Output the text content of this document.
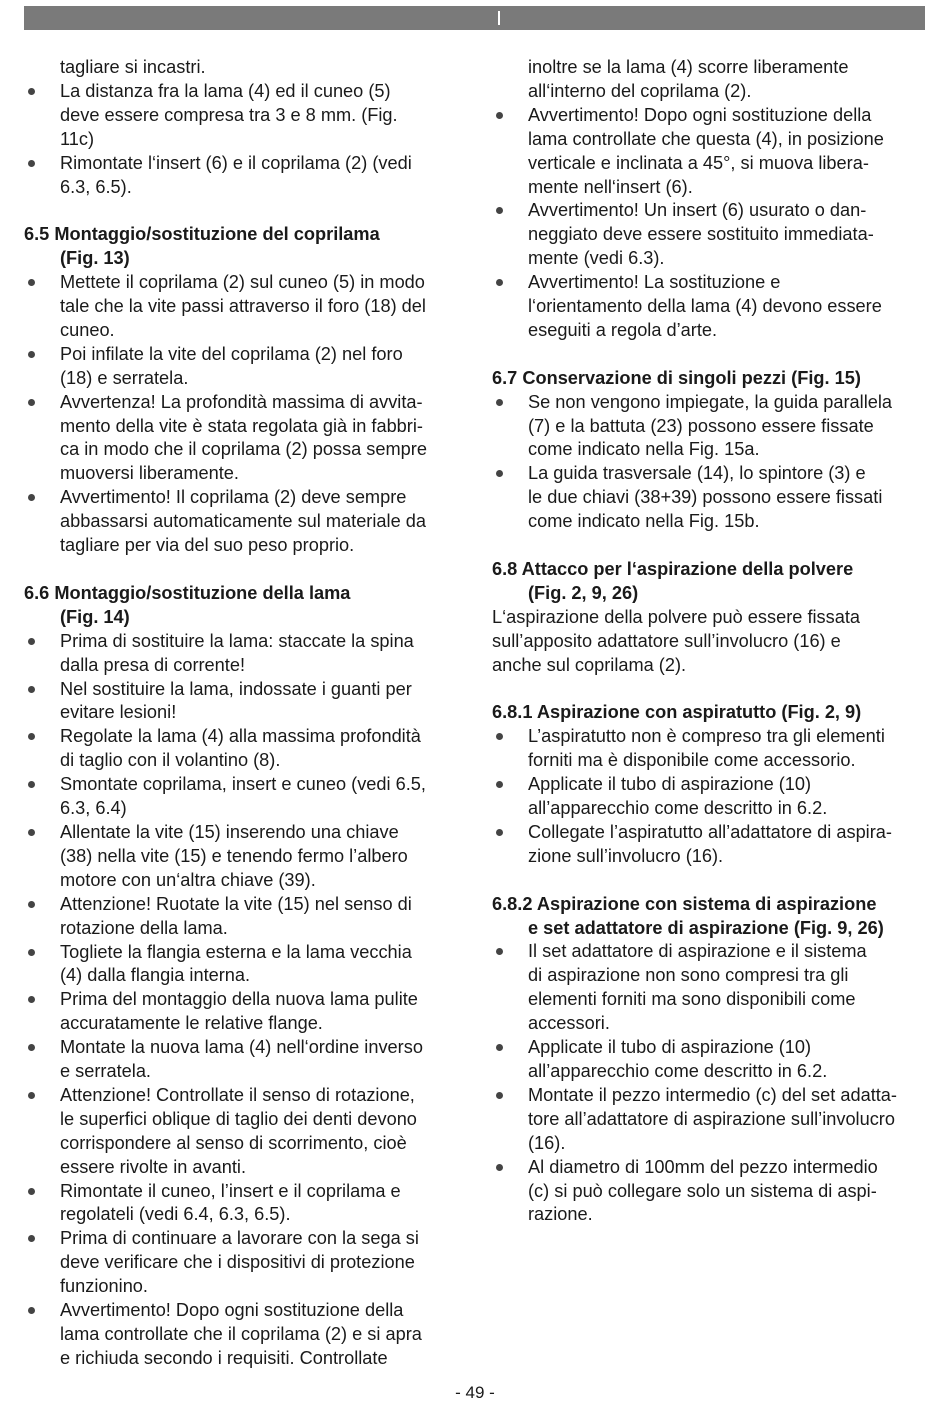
tagliare si incastri.

La distanza fra la lama (4) ed il cuneo (5)

deve essere compresa tra 3 e 8 mm. (Fig.

11c)

Rimontate l‘insert (6) e il coprilama (2) (vedi

6.3, 6.5).

6.5 Montaggio/sostituzione del coprilama

(Fig. 13)

Mettete il coprilama (2) sul cuneo (5) in modo

tale che la vite passi attraverso il foro (18) del

cuneo.

Poi infilate la vite del coprilama (2) nel foro

(18) e serratela.

Avvertenza! La profondità massima di avvita-

mento della vite è stata regolata già in fabbri-

ca in modo che il coprilama (2) possa sempre

muoversi liberamente.

Avvertimento! Il coprilama (2) deve sempre

abbassarsi automaticamente sul materiale da

tagliare per via del suo peso proprio.

6.6 Montaggio/sostituzione della lama

(Fig. 14)

Prima di sostituire la lama: staccate la spina

dalla presa di corrente!

Nel sostituire la lama, indossate i guanti per

evitare lesioni!

Regolate la lama (4) alla massima profondità

di taglio con il volantino (8).

Smontate coprilama, insert e cuneo (vedi 6.5,

6.3, 6.4)

Allentate la vite (15) inserendo una chiave

(38) nella vite (15) e tenendo fermo l’albero

motore con un‘altra chiave (39).

Attenzione! Ruotate la vite (15) nel senso di

rotazione della lama.

Togliete la flangia esterna e la lama vecchia

(4) dalla flangia interna.

Prima del montaggio della nuova lama pulite

accuratamente le relative flange.

Montate la nuova lama (4) nell‘ordine inverso

e serratela.

Attenzione! Controllate il senso di rotazione,

le superfici oblique di taglio dei denti devono

corrispondere al senso di scorrimento, cioè

essere rivolte in avanti.

Rimontate il cuneo, l’insert e il coprilama e

regolateli (vedi 6.4, 6.3, 6.5).

Prima di continuare a lavorare con la sega si

deve verificare che i dispositivi di protezione

funzionino.

Avvertimento! Dopo ogni sostituzione della

lama controllate che il coprilama (2) e si apra

e richiuda secondo i requisiti. Controllate

inoltre se la lama (4) scorre liberamente

all‘interno del coprilama (2).

Avvertimento! Dopo ogni sostituzione della

lama controllate che questa (4), in posizione

verticale e inclinata a 45°, si muova libera-

mente nell‘insert (6).

Avvertimento! Un insert (6) usurato o dan-

neggiato deve essere sostituito immediata-

mente (vedi 6.3).

Avvertimento! La sostituzione e

l‘orientamento della lama (4) devono essere

eseguiti a regola d’arte.

6.7 Conservazione di singoli pezzi (Fig. 15)

Se non vengono impiegate, la guida parallela

(7) e la battuta (23) possono essere fissate

come indicato nella Fig. 15a.

La guida trasversale (14), lo spintore (3) e

le due chiavi (38+39) possono essere fissati

come indicato nella Fig. 15b.

6.8 Attacco per l‘aspirazione della polvere

(Fig. 2, 9, 26)

L‘aspirazione della polvere può essere fissata

sull’apposito adattatore sull’involucro (16) e

anche sul coprilama (2).

6.8.1 Aspirazione con aspiratutto (Fig. 2, 9)

L’aspiratutto non è compreso tra gli elementi

forniti ma è disponibile come accessorio.

Applicate il tubo di aspirazione (10)

all’apparecchio come descritto in 6.2.

Collegate l’aspiratutto all’adattatore di aspira-

zione sull’involucro (16).

6.8.2 Aspirazione con sistema di aspirazione

e set adattatore di aspirazione (Fig. 9, 26)

Il set adattatore di aspirazione e il sistema

di aspirazione non sono compresi tra gli

elementi forniti ma sono disponibili come

accessori.

Applicate il tubo di aspirazione (10)

all’apparecchio come descritto in 6.2.

Montate il pezzo intermedio (c) del set adatta-

tore all’adattatore di aspirazione sull’involucro

(16).

Al diametro di 100mm del pezzo intermedio

(c) si può collegare solo un sistema di aspi-

razione.

- 49 -
